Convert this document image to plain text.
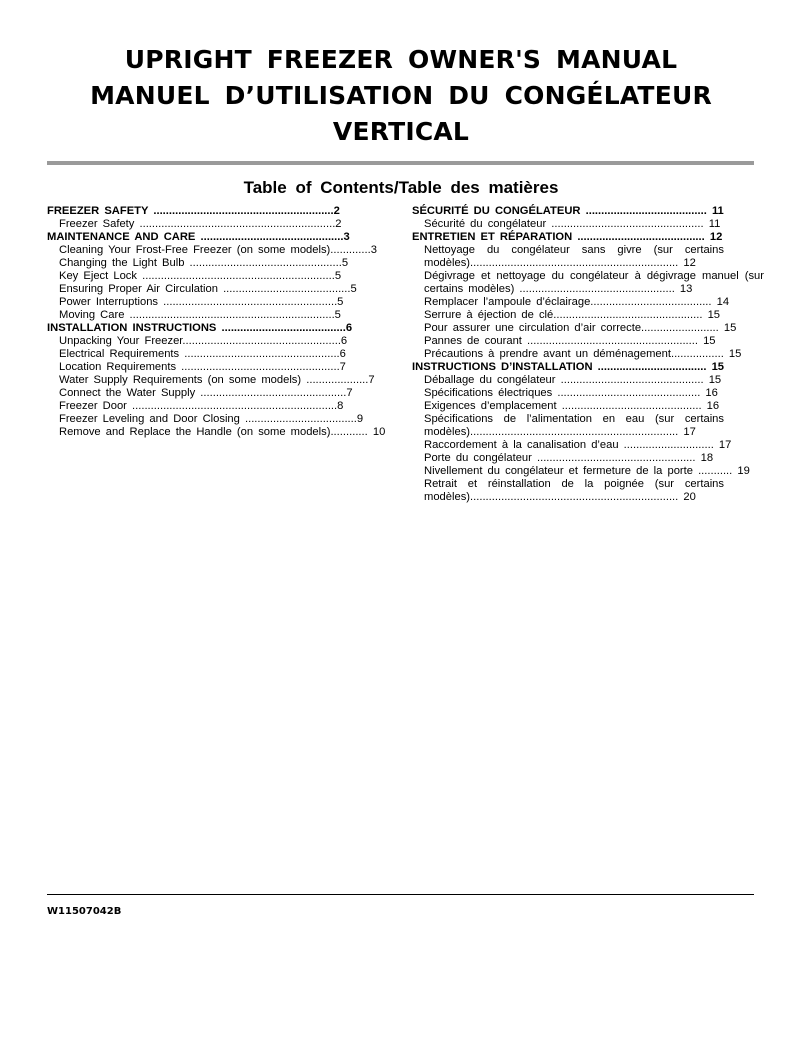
UPRIGHT FREEZER OWNER'S MANUAL
MANUEL D’UTILISATION DU CONGÉLATEUR
VERTICAL
Table of Contents/Table des matières
FREEZER SAFETY ..........................................................2
Freezer Safety ...............................................................2
MAINTENANCE AND CARE ..............................................3
Cleaning Your Frost-Free Freezer (on some models).............3
Changing the Light Bulb .................................................5
Key Eject Lock ..............................................................5
Ensuring Proper Air Circulation .........................................5
Power Interruptions ........................................................5
Moving Care ..................................................................5
INSTALLATION INSTRUCTIONS ........................................6
Unpacking Your Freezer...................................................6
Electrical Requirements ..................................................6
Location Requirements ...................................................7
Water Supply Requirements (on some models) ....................7
Connect the Water Supply ...............................................7
Freezer Door ..................................................................8
Freezer Leveling and Door Closing ....................................9
Remove and Replace the Handle (on some models)............ 10
SÉCURITÉ DU CONGÉLATEUR ....................................... 11
Sécurité du congélateur ................................................. 11
ENTRETIEN ET RÉPARATION ......................................... 12
Nettoyage du congélateur sans givre (sur certains modèles)................................................................... 12
Dégivrage et nettoyage du congélateur à dégivrage manuel (sur certains modèles) .................................................. 13
Remplacer l’ampoule d’éclairage....................................... 14
Serrure à éjection de clé................................................ 15
Pour assurer une circulation d’air correcte......................... 15
Pannes de courant ....................................................... 15
Précautions à prendre avant un déménagement................. 15
INSTRUCTIONS D’INSTALLATION ................................... 15
Déballage du congélateur .............................................. 15
Spécifications électriques .............................................. 16
Exigences d’emplacement ............................................. 16
Spécifications de l’alimentation en eau (sur certains modèles)................................................................... 17
Raccordement à la canalisation d’eau ............................. 17
Porte du congélateur ................................................... 18
Nivellement du congélateur et fermeture de la porte ........... 19
Retrait et réinstallation de la poignée (sur certains modèles)................................................................... 20
W11507042B
